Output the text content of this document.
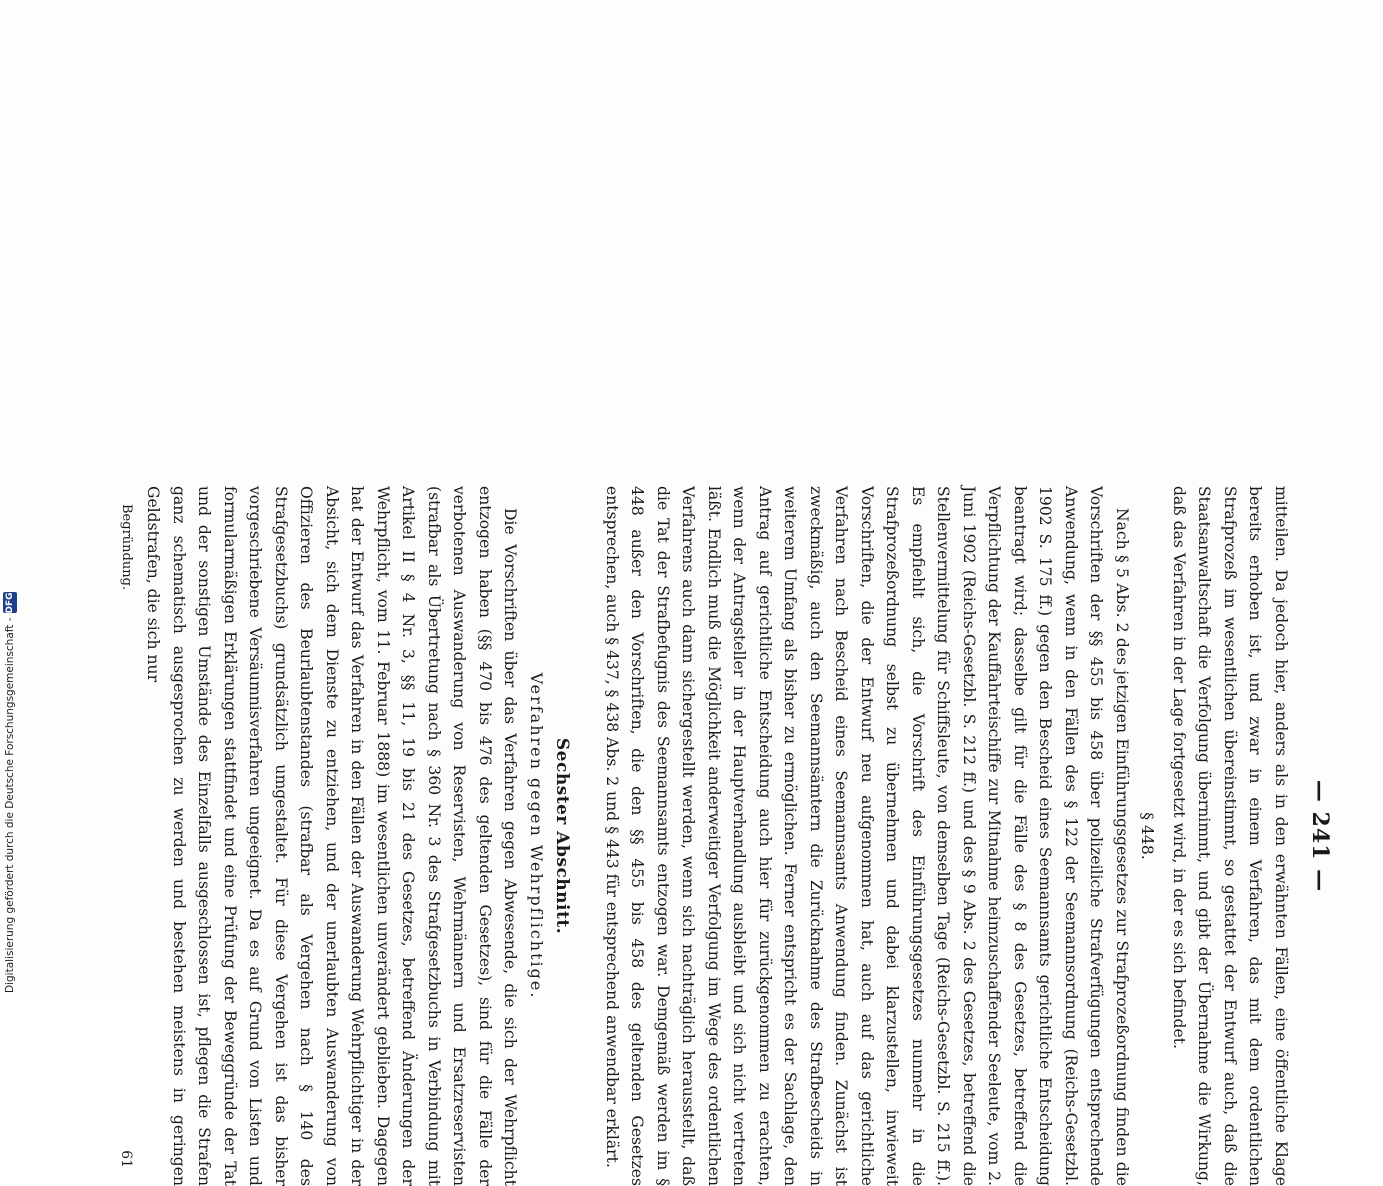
— 241 —

mitteilen. Da jedoch hier, anders als in den erwähnten Fällen, eine öffentliche Klage bereits erhoben ist, und zwar in einem Verfahren, das mit dem ordentlichen Strafprozeß im wesentlichen übereinstimmt, so gestattet der Entwurf auch, daß die Staatsanwaltschaft die Verfolgung übernimmt, und gibt der Übernahme die Wirkung, daß das Verfahren in der Lage fortgesetzt wird, in der es sich befindet.

§ 448.

Nach § 5 Abs. 2 des jetzigen Einführungsgesetzes zur Strafprozeßordnung finden die Vorschriften der §§ 455 bis 458 über polizeiliche Strafverfügungen entsprechende Anwendung, wenn in den Fällen des § 122 der Seemannsordnung (Reichs-Gesetzbl. 1902 S. 175 ff.) gegen den Bescheid eines Seemannsamts gerichtliche Entscheidung beantragt wird; dasselbe gilt für die Fälle des § 8 des Gesetzes, betreffend die Verpflichtung der Kauffahrteischiffe zur Mitnahme heimzuschaffender Seeleute, vom 2. Juni 1902 (Reichs-Gesetzbl. S. 212 ff.) und des § 9 Abs. 2 des Gesetzes, betreffend die Stellenvermittelung für Schiffsleute, von demselben Tage (Reichs-Gesetzbl. S. 215 ff.). Es empfiehlt sich, die Vorschrift des Einführungsgesetzes nunmehr in die Strafprozeßordnung selbst zu übernehmen und dabei klarzustellen, inwieweit Vorschriften, die der Entwurf neu aufgenommen hat, auch auf das gerichtliche Verfahren nach Bescheid eines Seemannsamts Anwendung finden. Zunächst ist zweckmäßig, auch den Seemannsämtern die Zurücknahme des Strafbescheids in weiterem Umfang als bisher zu ermöglichen. Ferner entspricht es der Sachlage, den Antrag auf gerichtliche Entscheidung auch hier für zurückgenommen zu erachten, wenn der Antragsteller in der Hauptverhandlung ausbleibt und sich nicht vertreten läßt. Endlich muß die Möglichkeit anderweitiger Verfolgung im Wege des ordentlichen Verfahrens auch dann sichergestellt werden, wenn sich nachträglich herausstellt, daß die Tat der Strafbefugnis des Seemannsamts entzogen war. Demgemäß werden im § 448 außer den Vorschriften, die den §§ 455 bis 458 des geltenden Gesetzes entsprechen, auch § 437, § 438 Abs. 2 und § 443 für entsprechend anwendbar erklärt.

Sechster Abschnitt.

Verfahren gegen Wehrpflichtige.

Die Vorschriften über das Verfahren gegen Abwesende, die sich der Wehrpflicht entzogen haben (§§ 470 bis 476 des geltenden Gesetzes), sind für die Fälle der verbotenen Auswanderung von Reservisten, Wehrmännern und Ersatzreservisten (strafbar als Übertretung nach § 360 Nr. 3 des Strafgesetzbuchs in Verbindung mit Artikel II § 4 Nr. 3, §§ 11, 19 bis 21 des Gesetzes, betreffend Änderungen der Wehrpflicht, vom 11. Februar 1888) im wesentlichen unverändert geblieben. Dagegen hat der Entwurf das Verfahren in den Fällen der Auswanderung Wehrpflichtiger in der Absicht, sich dem Dienste zu entziehen, und der unerlaubten Auswanderung von Offizieren des Beurlaubtenstandes (strafbar als Vergehen nach § 140 des Strafgesetzbuchs) grundsätzlich umgestaltet. Für diese Vergehen ist das bisher vorgeschriebene Versäumnisverfahren ungeeignet. Da es auf Grund von Listen und formularmäßigen Erklärungen stattfindet und eine Prüfung der Beweggründe der Tat und der sonstigen Umstände des Einzelfalls ausgeschlossen ist, pflegen die Strafen ganz schematisch ausgesprochen zu werden und bestehen meistens in geringen Geldstrafen, die sich nur

Begründung.
61
Digitalisierung gefördert durch die Deutsche Forschungsgemeinschaft -
DFG
